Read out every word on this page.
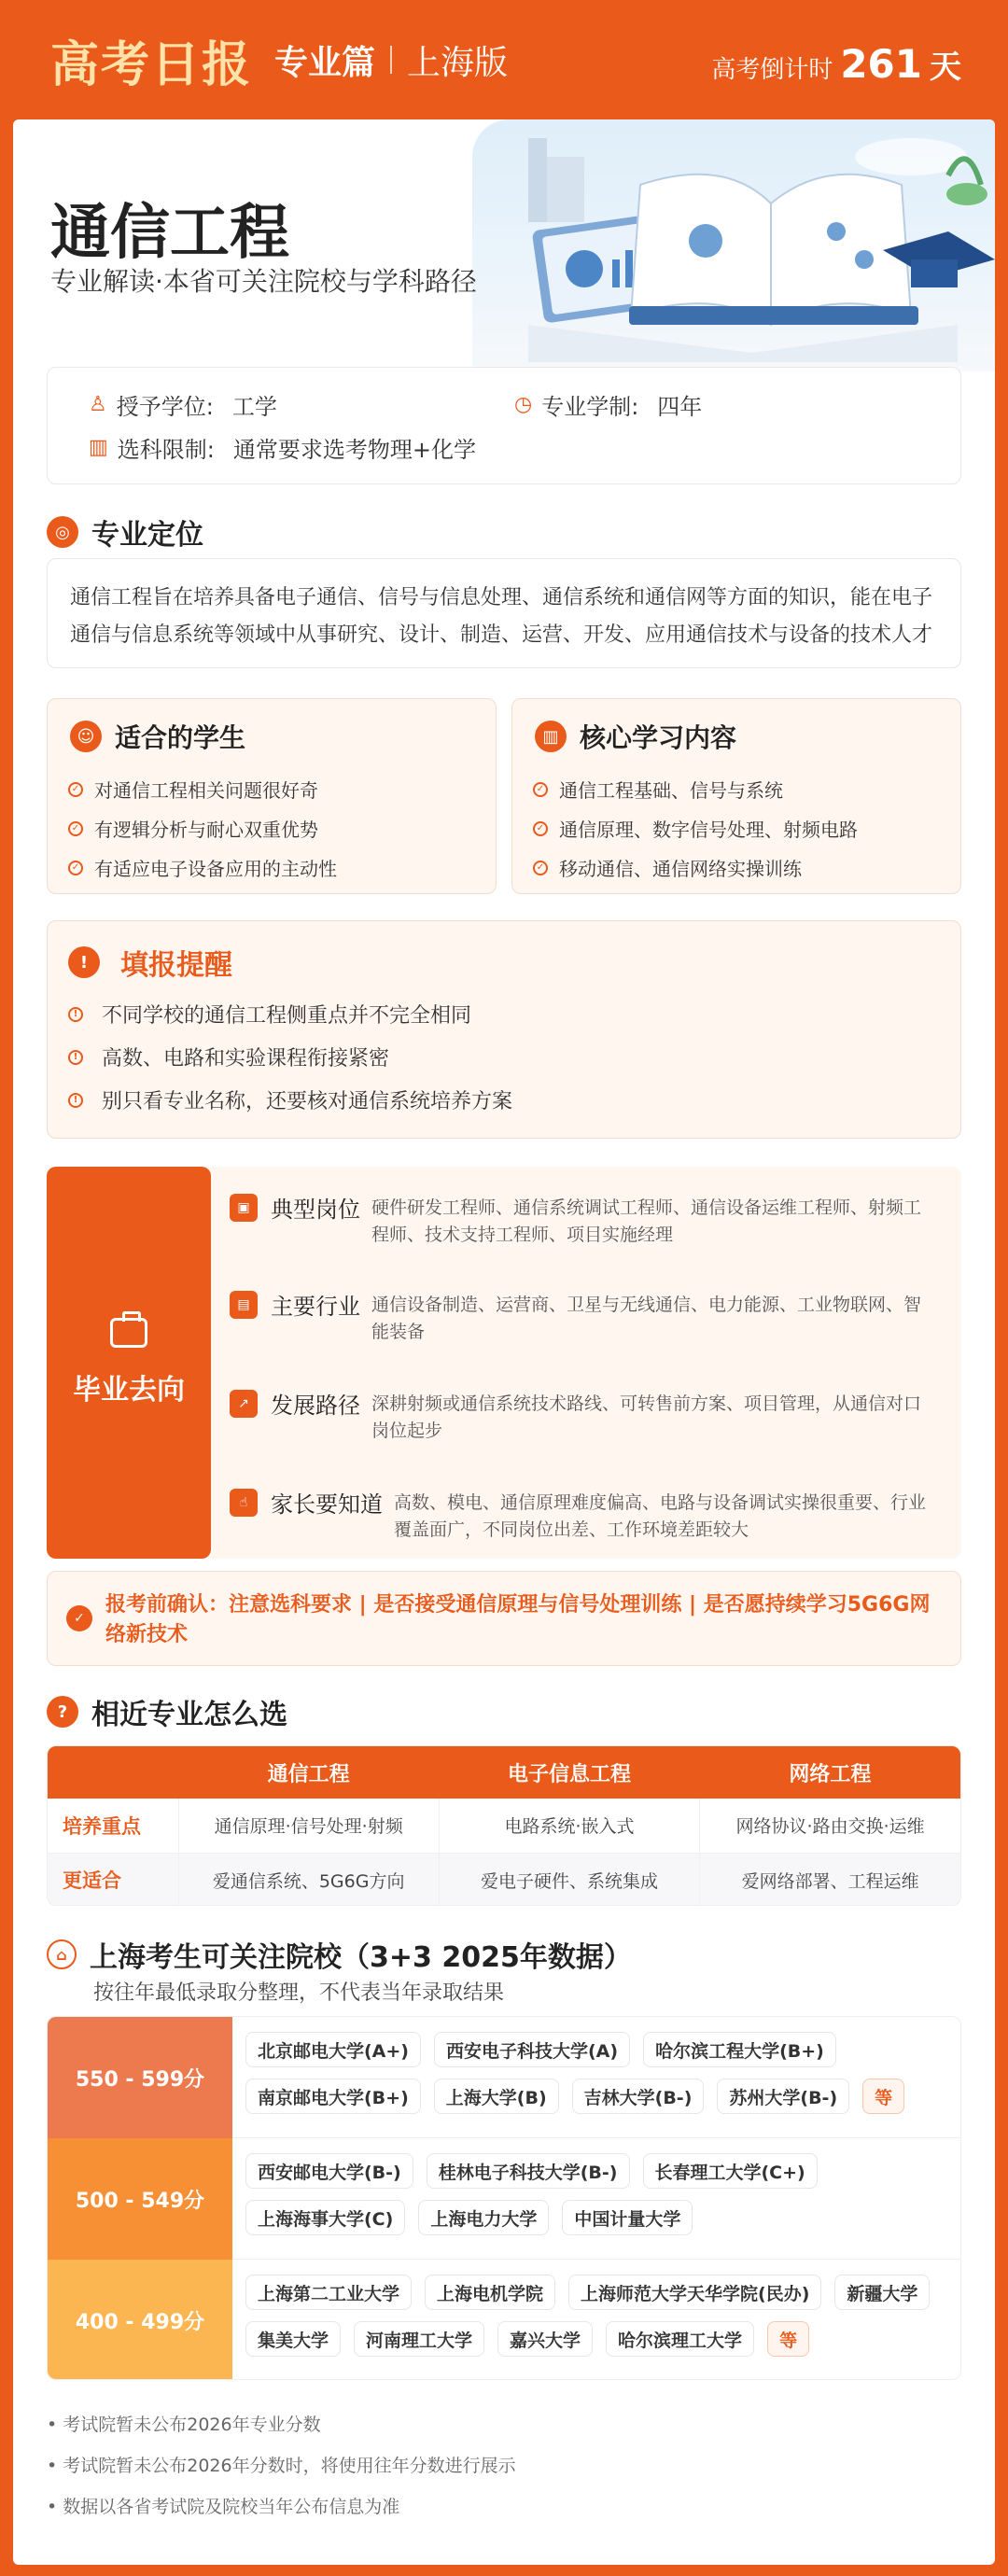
高考日报 专业篇 上海版	高考倒计时 261 天
通信工程
专业解读·本省可关注院校与学科路径
♙ 授予学位: 工学	◷ 专业学制: 四年
▥ 选科限制: 通常要求选考物理+化学
◎ 专业定位
通信工程旨在培养具备电子通信、信号与信息处理、通信系统和通信网等方面的知识，能在电子通信与信息系统等领域中从事研究、设计、制造、运营、开发、应用通信技术与设备的技术人才
☺ 适合的学生
✓ 对通信工程相关问题很好奇
✓ 有逻辑分析与耐心双重优势
✓ 有适应电子设备应用的主动性
▥ 核心学习内容
✓ 通信工程基础、信号与系统
✓ 通信原理、数字信号处理、射频电路
✓ 移动通信、通信网络实操训练
!	填报提醒
! 不同学校的通信工程侧重点并不完全相同
! 高数、电路和实验课程衔接紧密
! 别只看专业名称，还要核对通信系统培养方案
毕业去向
▣ 典型岗位 硬件研发工程师、通信系统调试工程师、通信设备运维工程师、射频工程师、技术支持工程师、项目实施经理
▤ 主要行业 通信设备制造、运营商、卫星与无线通信、电力能源、工业物联网、智能装备
↗ 发展路径 深耕射频或通信系统技术路线、可转售前方案、项目管理，从通信对口岗位起步
☝	家长要知道 高数、模电、通信原理难度偏高、电路与设备调试实操很重要、行业覆盖面广，不同岗位出差、工作环境差距较大
✓
报考前确认：注意选科要求 | 是否接受通信原理与信号处理训练 | 是否愿持续学习5G6G网络新技术
? 相近专业怎么选
	通信工程	电子信息工程	网络工程
培养重点	通信原理·信号处理·射频	电路系统·嵌入式	网络协议·路由交换·运维
更适合	爱通信系统、5G6G方向	爱电子硬件、系统集成	爱网络部署、工程运维
⌂ 上海考生可关注院校（3+3 2025年数据）
按往年最低录取分整理，不代表当年录取结果
550 - 599分
北京邮电大学(A+)	西安电子科技大学(A)	哈尔滨工程大学(B+)
南京邮电大学(B+)	上海大学(B)	吉林大学(B-)	苏州大学(B-)	等
500 - 549分
西安邮电大学(B-)	桂林电子科技大学(B-)	长春理工大学(C+)
上海海事大学(C)	上海电力大学	中国计量大学
400 - 499分
上海第二工业大学	上海电机学院	上海师范大学天华学院(民办)	新疆大学
集美大学	河南理工大学	嘉兴大学	哈尔滨理工大学	等
• 考试院暂未公布2026年专业分数
• 考试院暂未公布2026年分数时，将使用往年分数进行展示
• 数据以各省考试院及院校当年公布信息为准
